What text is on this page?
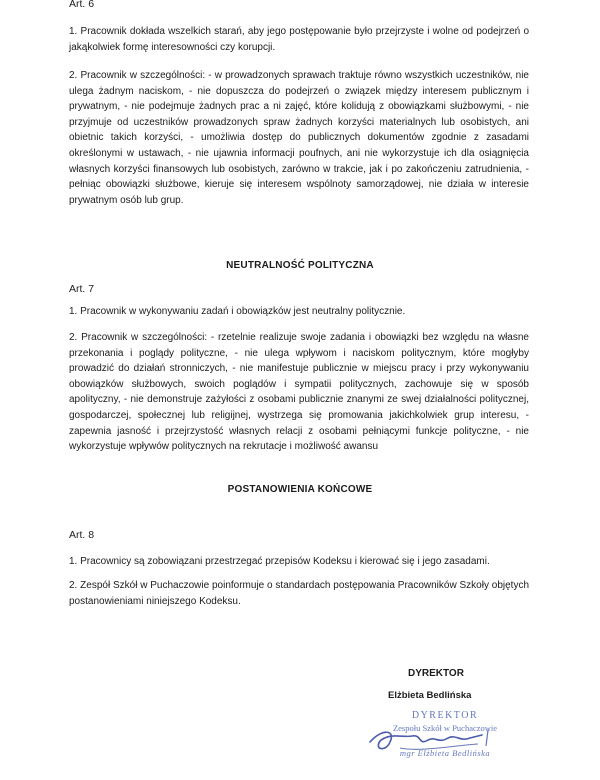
Art. 6

1. Pracownik dokłada wszelkich starań, aby jego postępowanie było przejrzyste i wolne od podejrzeń o jakąkolwiek formę interesowności czy korupcji.

2. Pracownik w szczególności: - w prowadzonych sprawach traktuje równo wszystkich uczestników, nie ulega żadnym naciskom, - nie dopuszcza do podejrzeń o związek między interesem publicznym i prywatnym, - nie podejmuje żadnych prac a ni zajęć, które kolidują z obowiązkami służbowymi, - nie przyjmuje od uczestników prowadzonych spraw żadnych korzyści materialnych lub osobistych, ani obietnic takich korzyści, - umożliwia dostęp do publicznych dokumentów zgodnie z zasadami określonymi w ustawach, - nie ujawnia informacji poufnych, ani nie wykorzystuje ich dla osiągnięcia własnych korzyści finansowych lub osobistych, zarówno w trakcie, jak i po zakończeniu zatrudnienia, - pełniąc obowiązki służbowe, kieruje się interesem wspólnoty samorządowej, nie działa w interesie prywatnym osób lub grup.

NEUTRALNOŚĆ POLITYCZNA
Art. 7

1. Pracownik w wykonywaniu zadań i obowiązków jest neutralny politycznie.

2. Pracownik w szczególności: - rzetelnie realizuje swoje zadania i obowiązki bez względu na własne przekonania i poglądy polityczne, - nie ulega wpływom i naciskom politycznym, które mogłyby prowadzić do działań stronniczych, - nie manifestuje publicznie w miejscu pracy i przy wykonywaniu obowiązków służbowych, swoich poglądów i sympatii politycznych, zachowuje się w sposób apolityczny, - nie demonstruje zażyłości z osobami publicznie znanymi ze swej działalności politycznej, gospodarczej, społecznej lub religijnej, wystrzega się promowania jakichkolwiek grup interesu, - zapewnia jasność i przejrzystość własnych relacji z osobami pełniącymi funkcje polityczne, - nie wykorzystuje wpływów politycznych na rekrutacje i możliwość awansu

POSTANOWIENIA KOŃCOWE
Art. 8

1. Pracownicy są zobowiązani przestrzegać przepisów Kodeksu i kierować się i jego zasadami.

2. Zespół Szkół w Puchaczowie poinformuje o standardach postępowania Pracowników Szkoły objętych postanowieniami niniejszego Kodeksu.

DYREKTOR
Elżbieta Bedlińska
DYREKTOR
Zespołu Szkół w Puchaczowie
mgr Elżbieta Bedlińska
